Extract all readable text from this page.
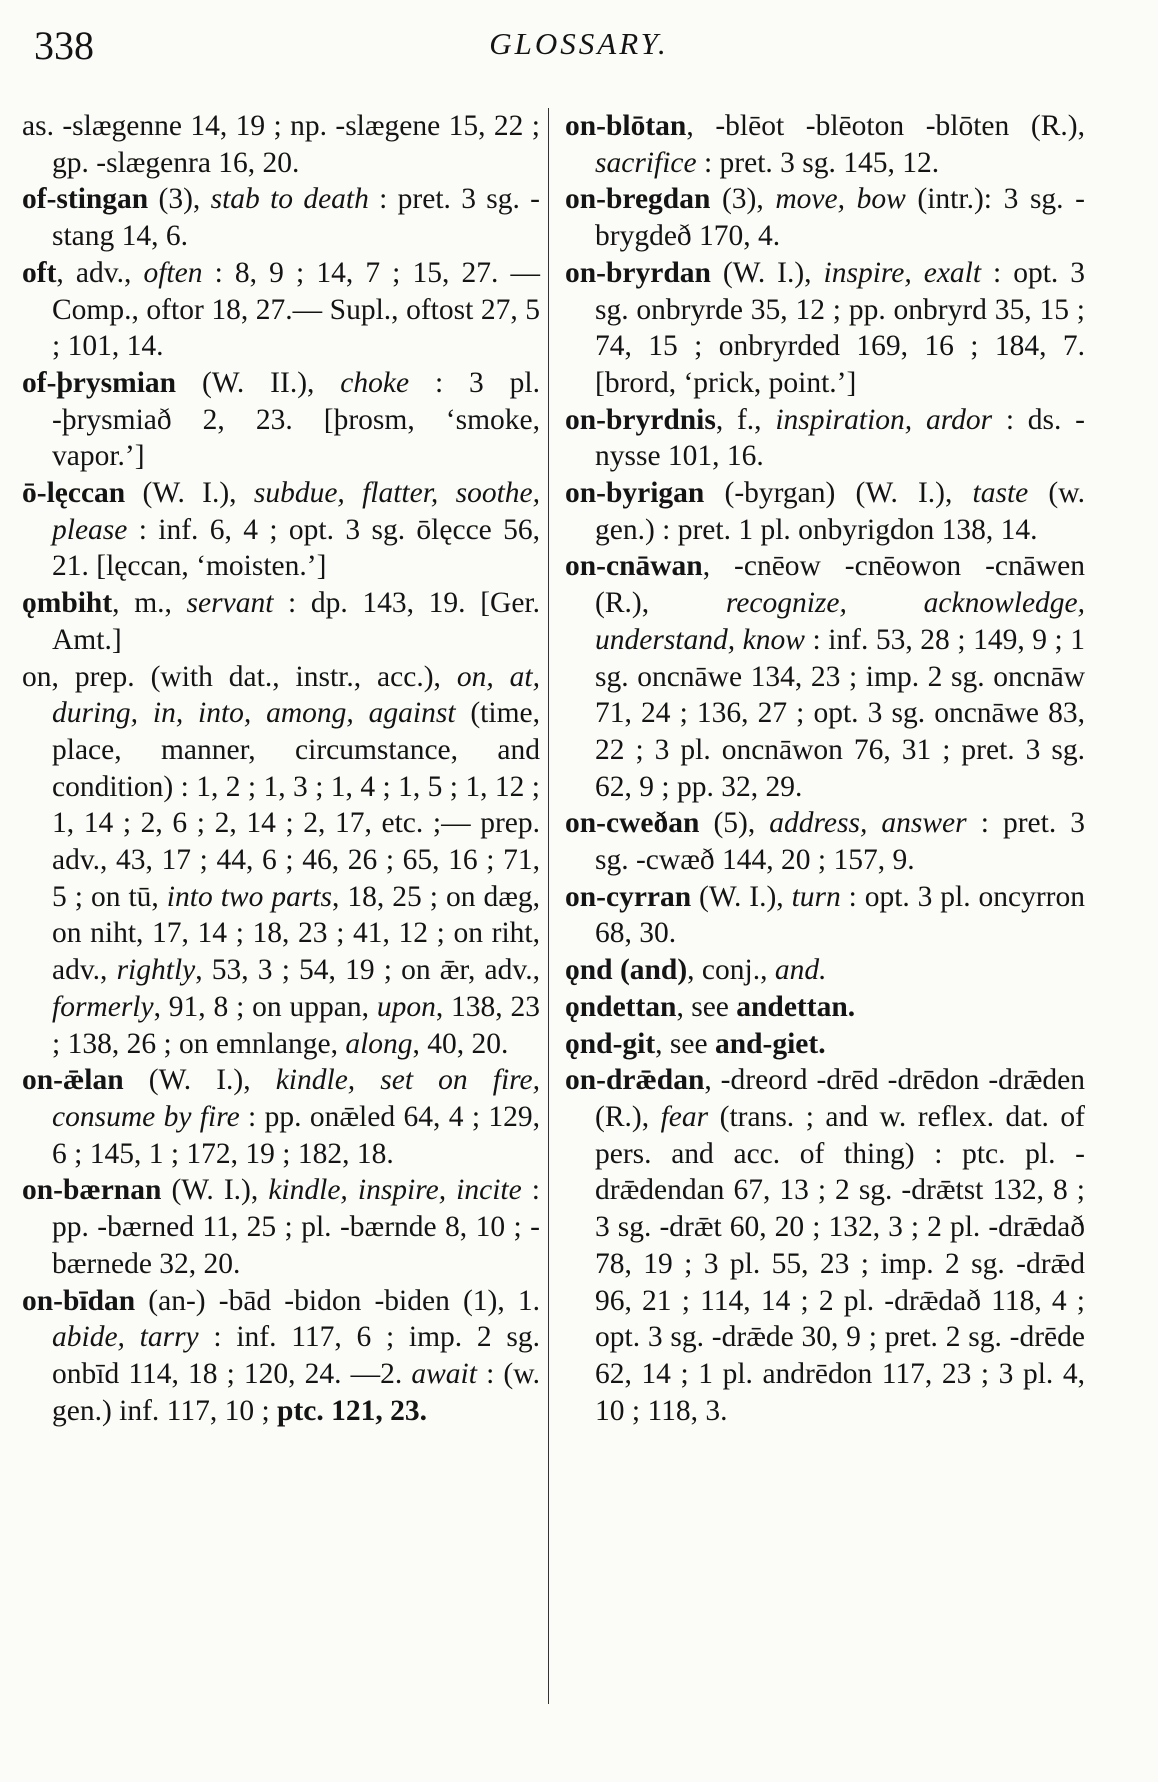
338	GLOSSARY.
as. -slægenne 14, 19 ; np. -slægene 15, 22 ; gp. -slægenra 16, 20.
of-stingan (3), stab to death : pret. 3 sg. -stang 14, 6.
oft, adv., often : 8, 9 ; 14, 7 ; 15, 27. — Comp., oftor 18, 27.— Supl., oftost 27, 5 ; 101, 14.
of-þrysmian (W. II.), choke : 3 pl. -þrysmiað 2, 23. [þrosm, ‘smoke, vapor.’]
ō-lęccan (W. I.), subdue, flatter, soothe, please : inf. 6, 4 ; opt. 3 sg. ōlęcce 56, 21. [lęccan, ‘moisten.’]
ǫmbiht, m., servant : dp. 143, 19. [Ger. Amt.]
on, prep. (with dat., instr., acc.), on, at, during, in, into, among, against (time, place, manner, circumstance, and condition) : 1, 2 ; 1, 3 ; 1, 4 ; 1, 5 ; 1, 12 ; 1, 14 ; 2, 6 ; 2, 14 ; 2, 17, etc. ;— prep. adv., 43, 17 ; 44, 6 ; 46, 26 ; 65, 16 ; 71, 5 ; on tū, into two parts, 18, 25 ; on dæg, on niht, 17, 14 ; 18, 23 ; 41, 12 ; on riht, adv., rightly, 53, 3 ; 54, 19 ; on ǣr, adv., formerly, 91, 8 ; on uppan, upon, 138, 23 ; 138, 26 ; on emnlange, along, 40, 20.
on-ǣlan (W. I.), kindle, set on fire, consume by fire : pp. onǣled 64, 4 ; 129, 6 ; 145, 1 ; 172, 19 ; 182, 18.
on-bærnan (W. I.), kindle, inspire, incite : pp. -bærned 11, 25 ; pl. -bærnde 8, 10 ; -bærnede 32, 20.
on-bīdan (an-) -bād -bidon -biden (1), 1. abide, tarry : inf. 117, 6 ; imp. 2 sg. onbīd 114, 18 ; 120, 24. —2. await : (w. gen.) inf. 117, 10 ; ptc. 121, 23.
on-blōtan, -blēot -blēoton -blōten (R.), sacrifice : pret. 3 sg. 145, 12.
on-bregdan (3), move, bow (intr.): 3 sg. -brygdeð 170, 4.
on-bryrdan (W. I.), inspire, exalt : opt. 3 sg. onbryrde 35, 12 ; pp. onbryrd 35, 15 ; 74, 15 ; onbryrded 169, 16 ; 184, 7. [brord, ‘prick, point.’]
on-bryrdnis, f., inspiration, ardor : ds. -nysse 101, 16.
on-byrigan (-byrgan) (W. I.), taste (w. gen.) : pret. 1 pl. onbyrigdon 138, 14.
on-cnāwan, -cnēow -cnēowon -cnāwen (R.), recognize, acknowledge, understand, know : inf. 53, 28 ; 149, 9 ; 1 sg. oncnāwe 134, 23 ; imp. 2 sg. oncnāw 71, 24 ; 136, 27 ; opt. 3 sg. oncnāwe 83, 22 ; 3 pl. oncnāwon 76, 31 ; pret. 3 sg. 62, 9 ; pp. 32, 29.
on-cweðan (5), address, answer : pret. 3 sg. -cwæð 144, 20 ; 157, 9.
on-cyrran (W. I.), turn : opt. 3 pl. oncyrron 68, 30.
ǫnd (and), conj., and.
ǫndettan, see andettan.
ǫnd-git, see and-giet.
on-drǣdan, -dreord -drēd -drēdon -drǣden (R.), fear (trans. ; and w. reflex. dat. of pers. and acc. of thing) : ptc. pl. -drǣdendan 67, 13 ; 2 sg. -drǣtst 132, 8 ; 3 sg. -drǣt 60, 20 ; 132, 3 ; 2 pl. -drǣdað 78, 19 ; 3 pl. 55, 23 ; imp. 2 sg. -drǣd 96, 21 ; 114, 14 ; 2 pl. -drǣdað 118, 4 ; opt. 3 sg. -drǣde 30, 9 ; pret. 2 sg. -drēde 62, 14 ; 1 pl. andrēdon 117, 23 ; 3 pl. 4, 10 ; 118, 3.
